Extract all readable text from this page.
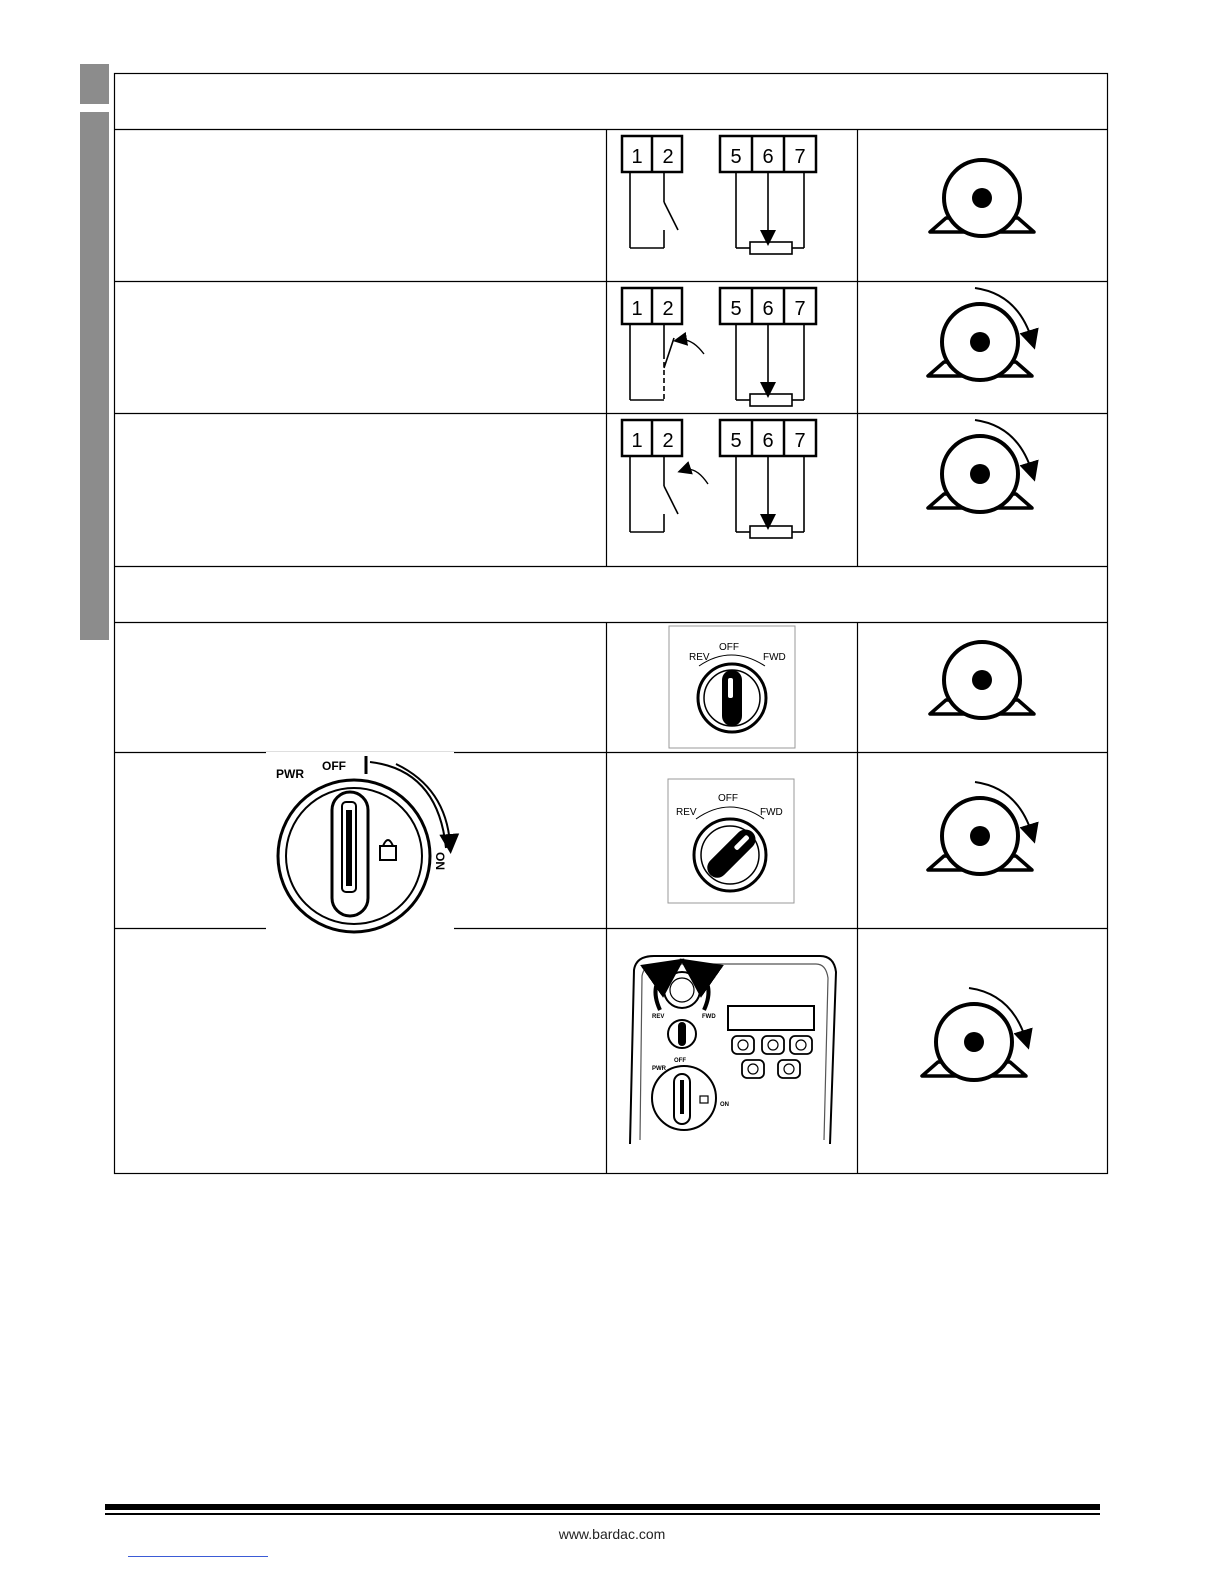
1 2	5 6 7
1 2	5 6 7
1 2	5 6 7
REV
OFF
FWD
PWR
OFF
ON
REV
OFF
FWD
REV	FWD
PWR
OFF
ON
www.bardac.com
